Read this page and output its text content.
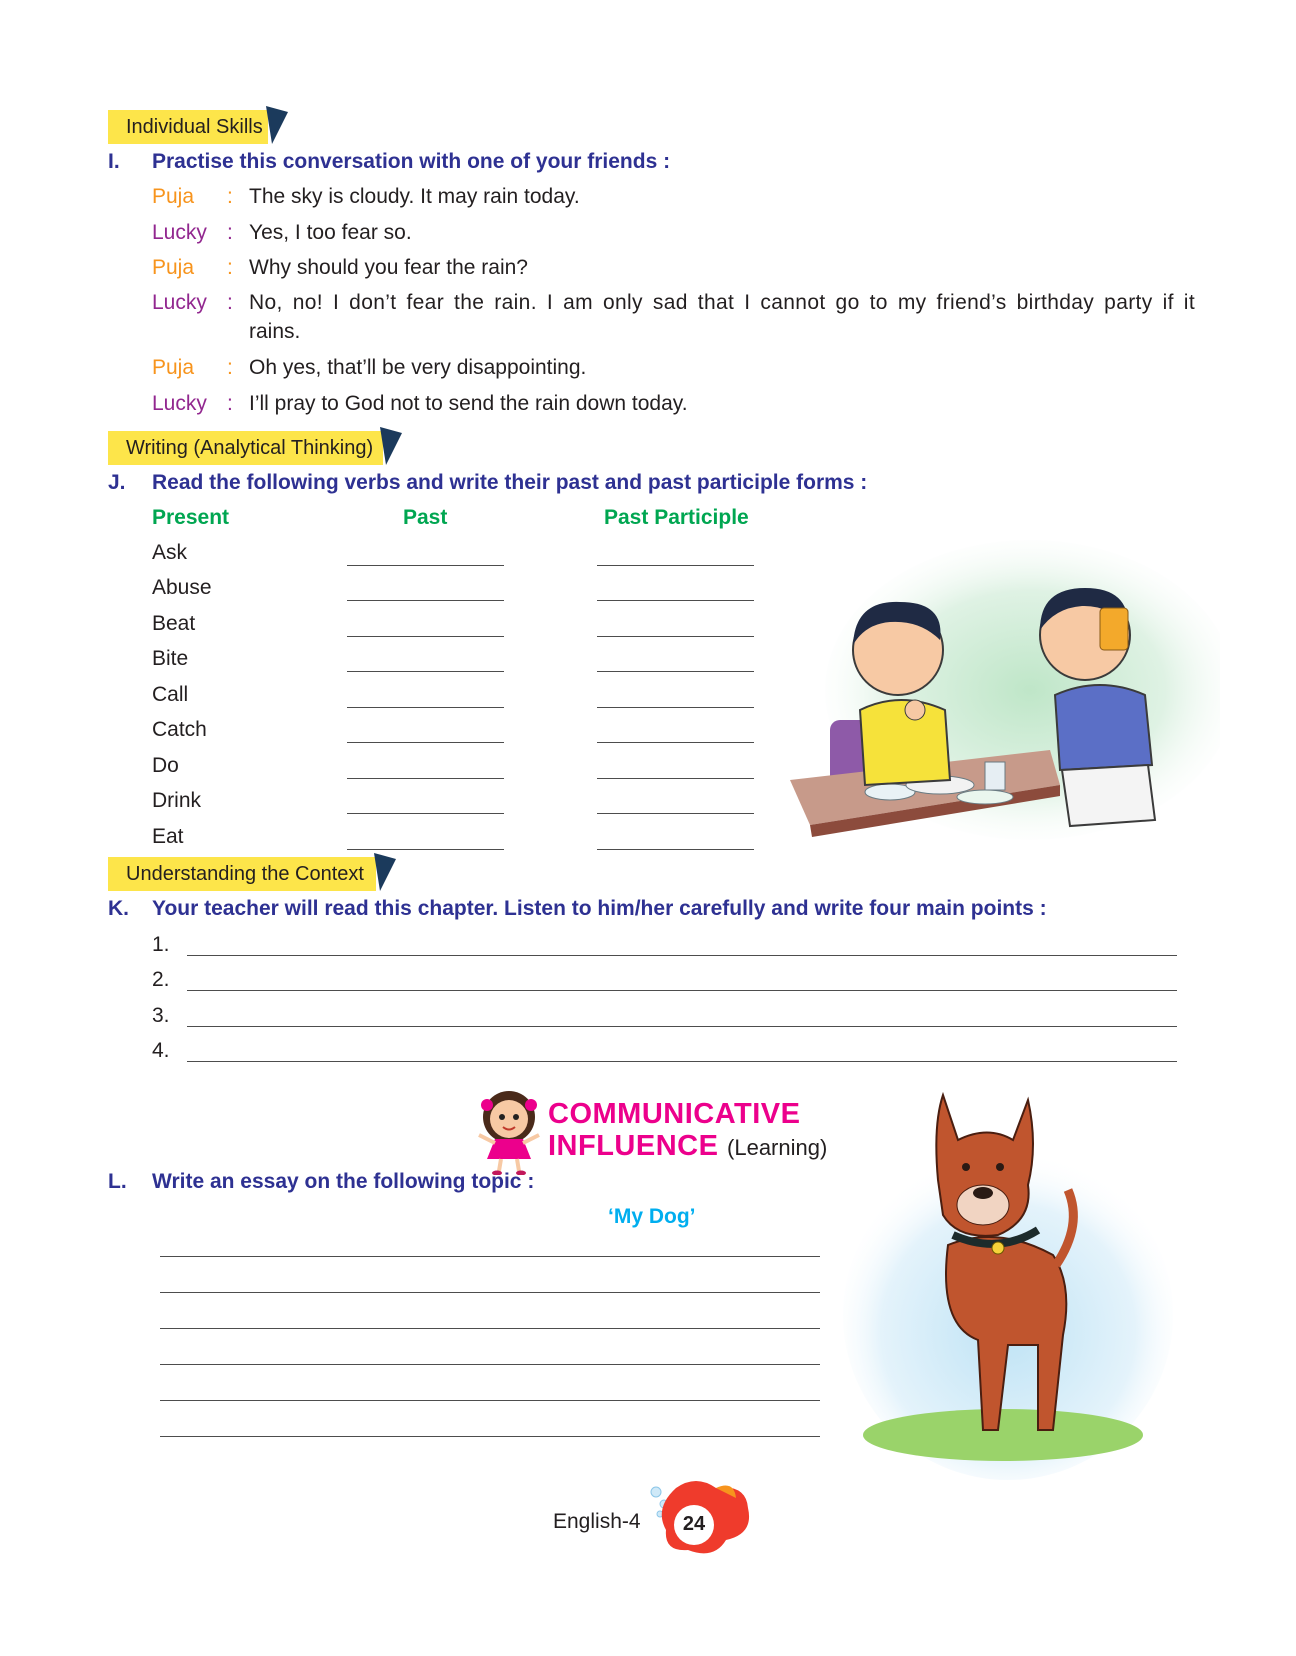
Individual Skills
I. Practise this conversation with one of your friends :
Puja : The sky is cloudy. It may rain today.
Lucky : Yes, I too fear so.
Puja : Why should you fear the rain?
Lucky : No, no! I don’t fear the rain. I am only sad that I cannot go to my friend’s birthday party if it
rains.
Puja : Oh yes, that’ll be very disappointing.
Lucky : I’ll pray to God not to send the rain down today.
Writing (Analytical Thinking)
J. Read the following verbs and write their past and past participle forms :
Present	Past	Past Participle
Ask
Abuse
Beat
Bite
Call
Catch
Do
Drink
Eat
Understanding the Context
K. Your teacher will read this chapter. Listen to him/her carefully and write four main points :
1.
2.
3.
4.
COMMUNICATIVE
INFLUENCE (Learning)
L. Write an essay on the following topic :
‘My Dog’
English-4	24
